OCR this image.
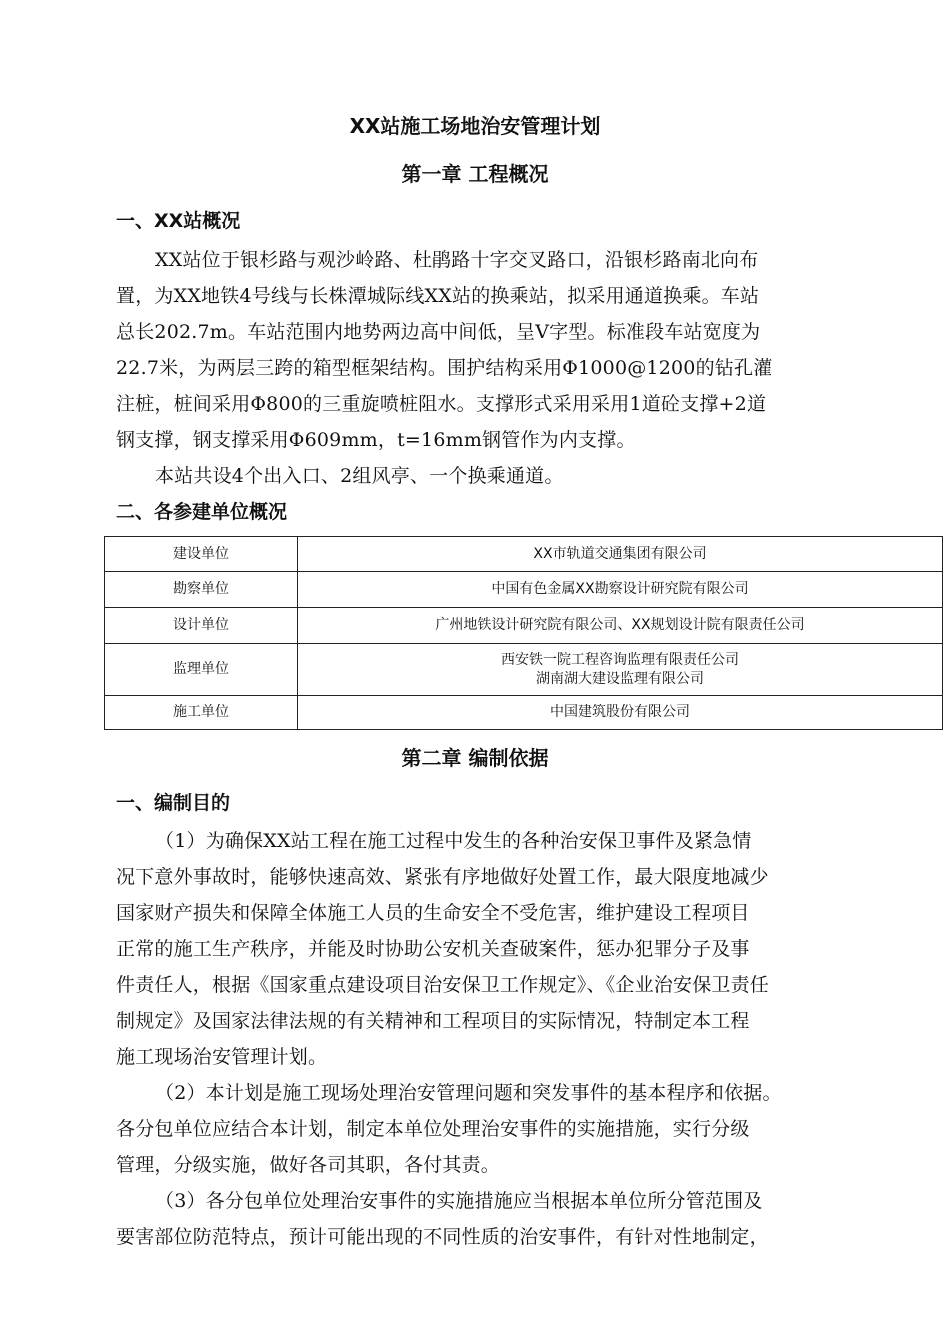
XX站施工场地治安管理计划
第一章 工程概况
一、XX站概况
XX站位于银杉路与观沙岭路、杜鹃路十字交叉路口，沿银杉路南北向布
置，为XX地铁4号线与长株潭城际线XX站的换乘站，拟采用通道换乘。车站
总长202.7m。车站范围内地势两边高中间低，呈V字型。标准段车站宽度为
22.7米，为两层三跨的箱型框架结构。围护结构采用Φ1000@1200的钻孔灌
注桩，桩间采用Φ800的三重旋喷桩阻水。支撑形式采用采用1道砼支撑+2道
钢支撑，钢支撑采用Φ609mm，t=16mm钢管作为内支撑。
本站共设4个出入口、2组风亭、一个换乘通道。
二、各参建单位概况
建设单位	XX市轨道交通集团有限公司
勘察单位	中国有色金属XX勘察设计研究院有限公司
设计单位	广州地铁设计研究院有限公司、XX规划设计院有限责任公司
监理单位	西安铁一院工程咨询监理有限责任公司
湖南湖大建设监理有限公司

施工单位	中国建筑股份有限公司
第二章 编制依据
一、编制目的
（1）为确保XX站工程在施工过程中发生的各种治安保卫事件及紧急情
况下意外事故时，能够快速高效、紧张有序地做好处置工作，最大限度地减少
国家财产损失和保障全体施工人员的生命安全不受危害，维护建设工程项目
正常的施工生产秩序，并能及时协助公安机关查破案件，惩办犯罪分子及事
件责任人，根据《国家重点建设项目治安保卫工作规定》、《企业治安保卫责任
制规定》及国家法律法规的有关精神和工程项目的实际情况，特制定本工程
施工现场治安管理计划。
（2）本计划是施工现场处理治安管理问题和突发事件的基本程序和依据。
各分包单位应结合本计划，制定本单位处理治安事件的实施措施，实行分级
管理，分级实施，做好各司其职，各付其责。
（3）各分包单位处理治安事件的实施措施应当根据本单位所分管范围及
要害部位防范特点，预计可能出现的不同性质的治安事件，有针对性地制定，
